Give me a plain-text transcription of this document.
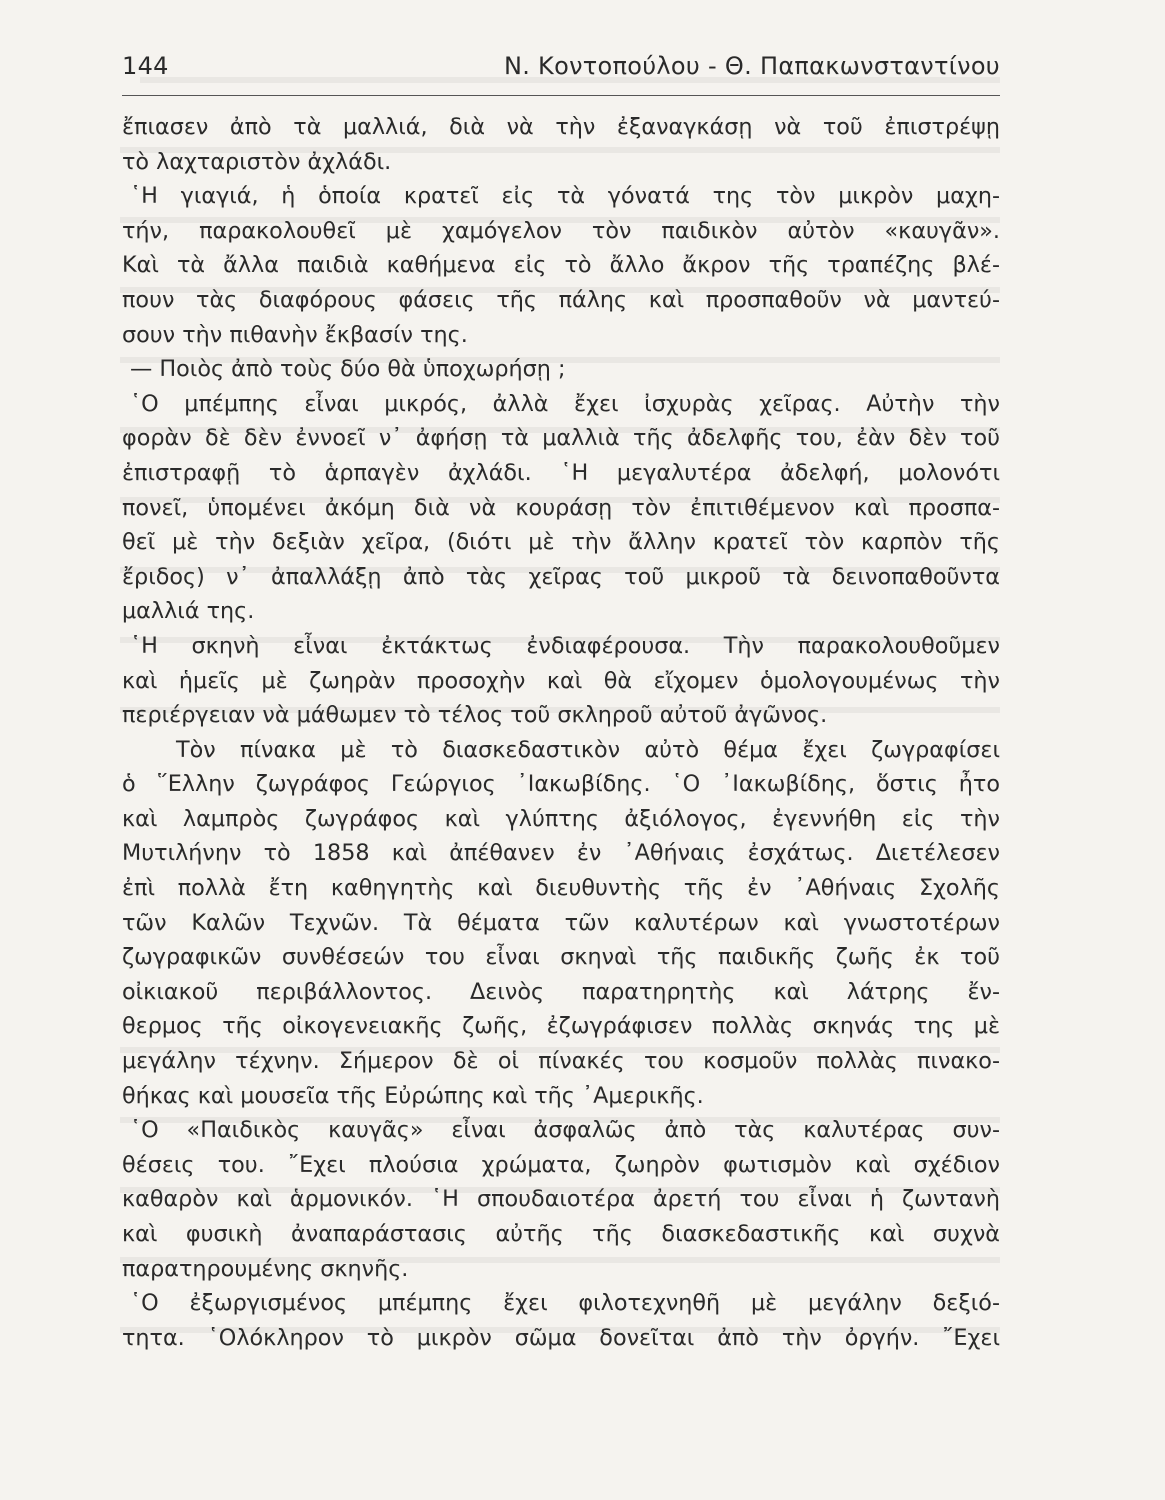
144	Ν. Κοντοπούλου - Θ. Παπακωνσταντίνου
ἔπιασεν ἀπὸ τὰ μαλλιά, διὰ νὰ τὴν ἐξαναγκάσῃ νὰ τοῦ ἐπιστρέψῃ
τὸ λαχταριστὸν ἀχλάδι.
῾Η γιαγιά, ἡ ὁποία κρατεῖ εἰς τὰ γόνατά της τὸν μικρὸν μαχη-
τήν, παρακολουθεῖ μὲ χαμόγελον τὸν παιδικὸν αὐτὸν «καυγᾶν».
Καὶ τὰ ἄλλα παιδιὰ καθήμενα εἰς τὸ ἄλλο ἄκρον τῆς τραπέζης βλέ-
πουν τὰς διαφόρους φάσεις τῆς πάλης καὶ προσπαθοῦν νὰ μαντεύ-
σουν τὴν πιθανὴν ἔκβασίν της.
— Ποιὸς ἀπὸ τοὺς δύο θὰ ὑποχωρήσῃ ;
῾Ο μπέμπης εἶναι μικρός, ἀλλὰ ἔχει ἰσχυρὰς χεῖρας. Αὐτὴν τὴν
φορὰν δὲ δὲν ἐννοεῖ ν᾿ ἀφήσῃ τὰ μαλλιὰ τῆς ἀδελφῆς του, ἐὰν δὲν τοῦ
ἐπιστραφῇ τὸ ἁρπαγὲν ἀχλάδι. ῾Η μεγαλυτέρα ἀδελφή, μολονότι
πονεῖ, ὑπομένει ἀκόμη διὰ νὰ κουράσῃ τὸν ἐπιτιθέμενον καὶ προσπα-
θεῖ μὲ τὴν δεξιὰν χεῖρα, (διότι μὲ τὴν ἄλλην κρατεῖ τὸν καρπὸν τῆς
ἔριδος) ν᾿ ἀπαλλάξῃ ἀπὸ τὰς χεῖρας τοῦ μικροῦ τὰ δεινοπαθοῦντα
μαλλιά της.
῾Η σκηνὴ εἶναι ἐκτάκτως ἐνδιαφέρουσα. Τὴν παρακολουθοῦμεν
καὶ ἡμεῖς μὲ ζωηρὰν προσοχὴν καὶ θὰ εἴχομεν ὁμολογουμένως τὴν
περιέργειαν νὰ μάθωμεν τὸ τέλος τοῦ σκληροῦ αὐτοῦ ἀγῶνος.
Τὸν πίνακα μὲ τὸ διασκεδαστικὸν αὐτὸ θέμα ἔχει ζωγραφίσει
ὁ ῞Ελλην ζωγράφος Γεώργιος ᾿Ιακωβίδης. ῾Ο ᾿Ιακωβίδης, ὅστις ἦτο
καὶ λαμπρὸς ζωγράφος καὶ γλύπτης ἀξιόλογος, ἐγεννήθη εἰς τὴν
Μυτιλήνην τὸ 1858 καὶ ἀπέθανεν ἐν ᾿Αθήναις ἐσχάτως. Διετέλεσεν
ἐπὶ πολλὰ ἔτη καθηγητὴς καὶ διευθυντὴς τῆς ἐν ᾿Αθήναις Σχολῆς
τῶν Καλῶν Τεχνῶν. Τὰ θέματα τῶν καλυτέρων καὶ γνωστοτέρων
ζωγραφικῶν συνθέσεών του εἶναι σκηναὶ τῆς παιδικῆς ζωῆς ἐκ τοῦ
οἰκιακοῦ περιβάλλοντος. Δεινὸς παρατηρητὴς καὶ λάτρης ἔν-
θερμος τῆς οἰκογενειακῆς ζωῆς, ἐζωγράφισεν πολλὰς σκηνάς της μὲ
μεγάλην τέχνην. Σήμερον δὲ οἱ πίνακές του κοσμοῦν πολλὰς πινακο-
θήκας καὶ μουσεῖα τῆς Εὐρώπης καὶ τῆς ᾿Αμερικῆς.
῾Ο «Παιδικὸς καυγᾶς» εἶναι ἀσφαλῶς ἀπὸ τὰς καλυτέρας συν-
θέσεις του. ῎Εχει πλούσια χρώματα, ζωηρὸν φωτισμὸν καὶ σχέδιον
καθαρὸν καὶ ἁρμονικόν. ῾Η σπουδαιοτέρα ἀρετή του εἶναι ἡ ζωντανὴ
καὶ φυσικὴ ἀναπαράστασις αὐτῆς τῆς διασκεδαστικῆς καὶ συχνὰ
παρατηρουμένης σκηνῆς.
῾Ο ἐξωργισμένος μπέμπης ἔχει φιλοτεχνηθῆ μὲ μεγάλην δεξιό-
τητα. ῾Ολόκληρον τὸ μικρὸν σῶμα δονεῖται ἀπὸ τὴν ὀργήν. ῎Εχει
